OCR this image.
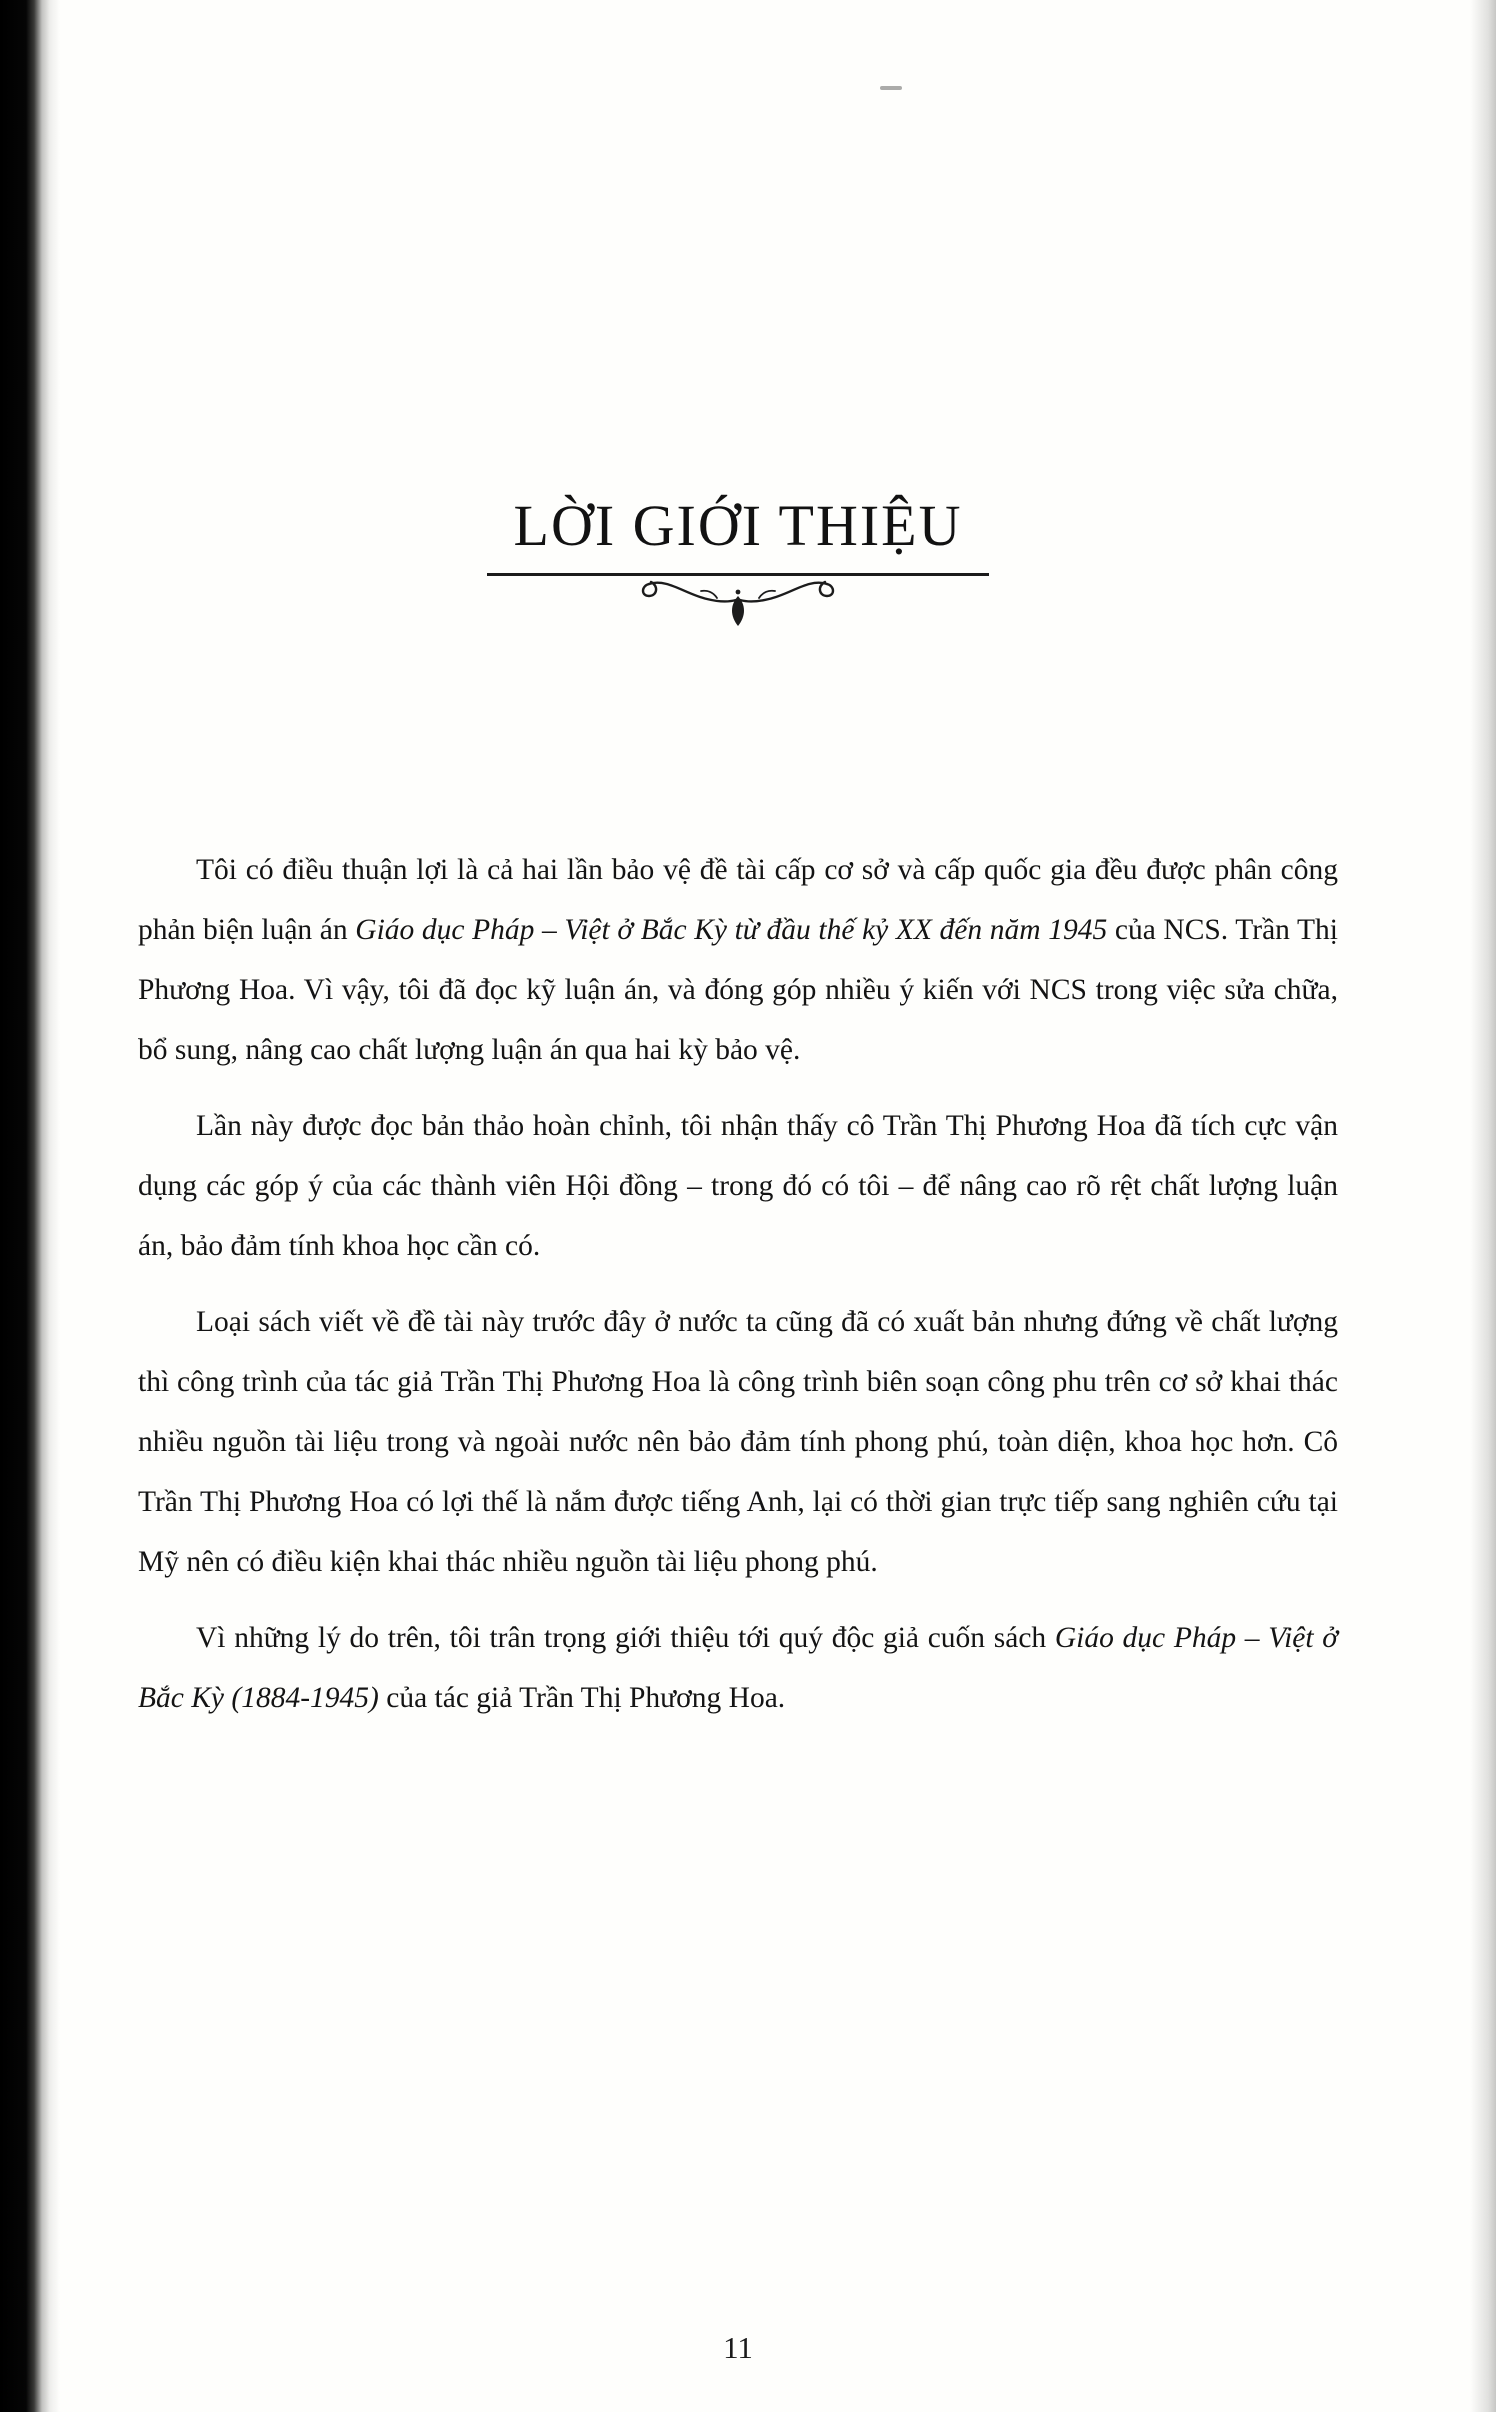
LỜI GIỚI THIỆU

Tôi có điều thuận lợi là cả hai lần bảo vệ đề tài cấp cơ sở và cấp quốc gia đều được phân công phản biện luận án Giáo dục Pháp – Việt ở Bắc Kỳ từ đầu thế kỷ XX đến năm 1945 của NCS. Trần Thị Phương Hoa. Vì vậy, tôi đã đọc kỹ luận án, và đóng góp nhiều ý kiến với NCS trong việc sửa chữa, bổ sung, nâng cao chất lượng luận án qua hai kỳ bảo vệ.

Lần này được đọc bản thảo hoàn chỉnh, tôi nhận thấy cô Trần Thị Phương Hoa đã tích cực vận dụng các góp ý của các thành viên Hội đồng – trong đó có tôi – để nâng cao rõ rệt chất lượng luận án, bảo đảm tính khoa học cần có.

Loại sách viết về đề tài này trước đây ở nước ta cũng đã có xuất bản nhưng đứng về chất lượng thì công trình của tác giả Trần Thị Phương Hoa là công trình biên soạn công phu trên cơ sở khai thác nhiều nguồn tài liệu trong và ngoài nước nên bảo đảm tính phong phú, toàn diện, khoa học hơn. Cô Trần Thị Phương Hoa có lợi thế là nắm được tiếng Anh, lại có thời gian trực tiếp sang nghiên cứu tại Mỹ nên có điều kiện khai thác nhiều nguồn tài liệu phong phú.

Vì những lý do trên, tôi trân trọng giới thiệu tới quý độc giả cuốn sách Giáo dục Pháp – Việt ở Bắc Kỳ (1884-1945) của tác giả Trần Thị Phương Hoa.

11
